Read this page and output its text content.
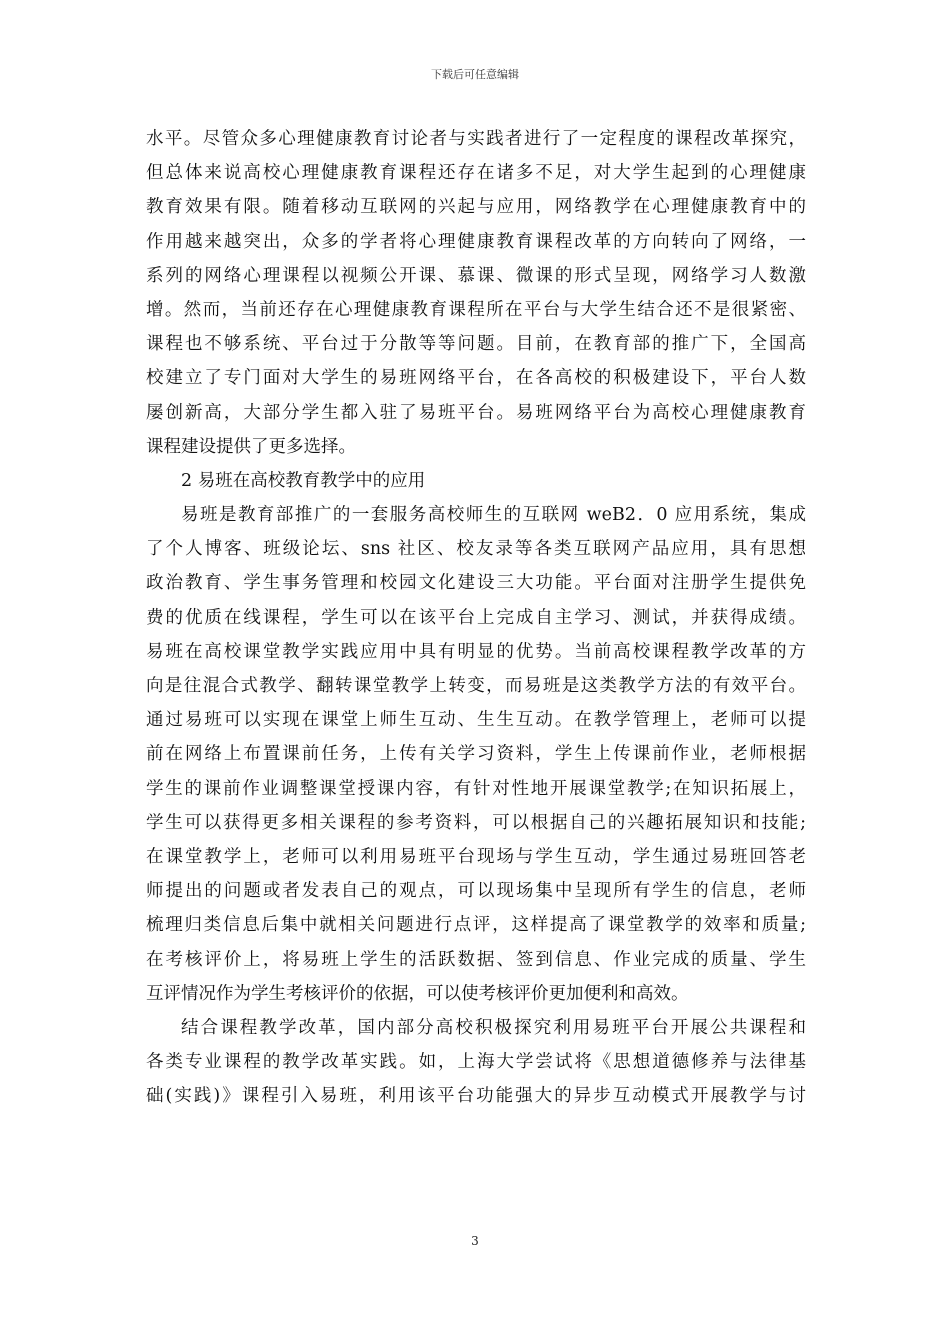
下载后可任意编辑
水平。尽管众多心理健康教育讨论者与实践者进行了一定程度的课程改革探究，
但总体来说高校心理健康教育课程还存在诸多不足，对大学生起到的心理健康
教育效果有限。随着移动互联网的兴起与应用，网络教学在心理健康教育中的
作用越来越突出，众多的学者将心理健康教育课程改革的方向转向了网络，一
系列的网络心理课程以视频公开课、慕课、微课的形式呈现，网络学习人数激
增。然而，当前还存在心理健康教育课程所在平台与大学生结合还不是很紧密、
课程也不够系统、平台过于分散等等问题。目前，在教育部的推广下，全国高
校建立了专门面对大学生的易班网络平台，在各高校的积极建设下，平台人数
屡创新高，大部分学生都入驻了易班平台。易班网络平台为高校心理健康教育
课程建设提供了更多选择。
2 易班在高校教育教学中的应用
易班是教育部推广的一套服务高校师生的互联网 weB2．0 应用系统，集成
了个人博客、班级论坛、sns 社区、校友录等各类互联网产品应用，具有思想
政治教育、学生事务管理和校园文化建设三大功能。平台面对注册学生提供免
费的优质在线课程，学生可以在该平台上完成自主学习、测试，并获得成绩。
易班在高校课堂教学实践应用中具有明显的优势。当前高校课程教学改革的方
向是往混合式教学、翻转课堂教学上转变，而易班是这类教学方法的有效平台。
通过易班可以实现在课堂上师生互动、生生互动。在教学管理上，老师可以提
前在网络上布置课前任务，上传有关学习资料，学生上传课前作业，老师根据
学生的课前作业调整课堂授课内容，有针对性地开展课堂教学;在知识拓展上，
学生可以获得更多相关课程的参考资料，可以根据自己的兴趣拓展知识和技能;
在课堂教学上，老师可以利用易班平台现场与学生互动，学生通过易班回答老
师提出的问题或者发表自己的观点，可以现场集中呈现所有学生的信息，老师
梳理归类信息后集中就相关问题进行点评，这样提高了课堂教学的效率和质量;
在考核评价上，将易班上学生的活跃数据、签到信息、作业完成的质量、学生
互评情况作为学生考核评价的依据，可以使考核评价更加便利和高效。
结合课程教学改革，国内部分高校积极探究利用易班平台开展公共课程和
各类专业课程的教学改革实践。如，上海大学尝试将《思想道德修养与法律基
础(实践)》课程引入易班，利用该平台功能强大的异步互动模式开展教学与讨
3
